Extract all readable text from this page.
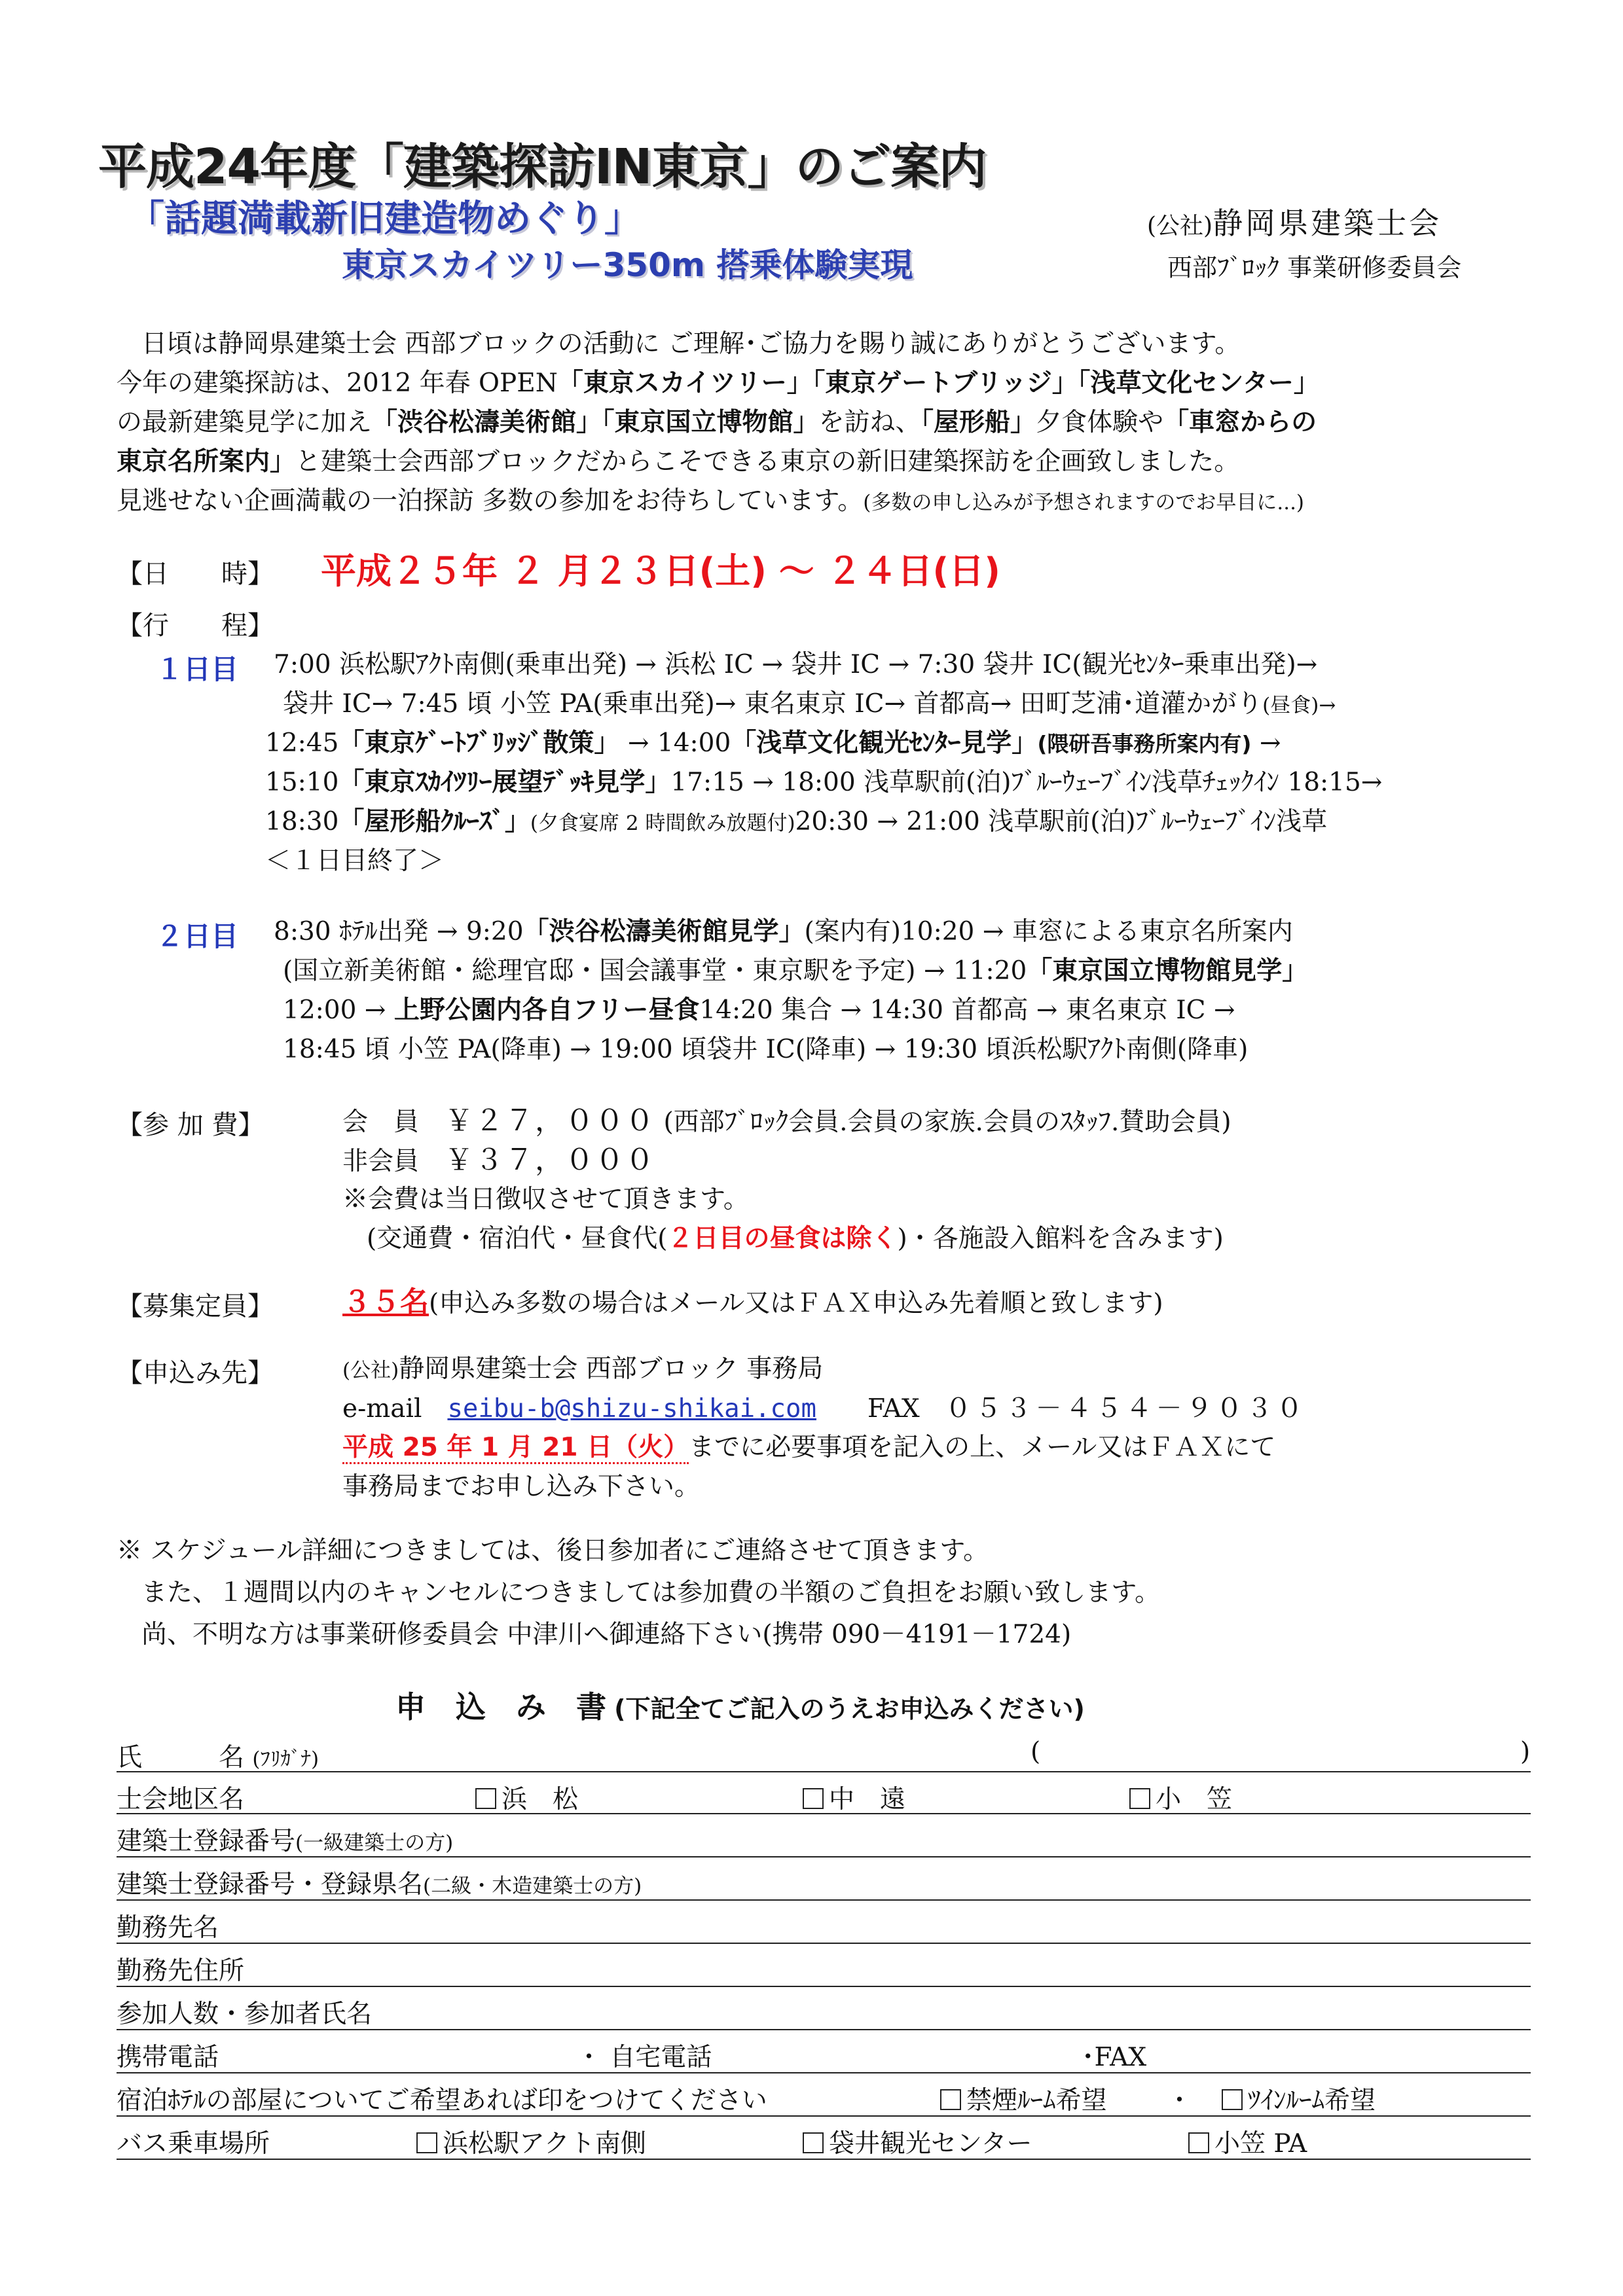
平成24年度「建築探訪IN東京」のご案内
「話題満載新旧建造物めぐり」
東京スカイツリー350m 搭乗体験実現
(公社)静岡県建築士会
西部ﾌﾞﾛｯｸ 事業研修委員会
日頃は静岡県建築士会 西部ブロックの活動に ご理解･ご協力を賜り誠にありがとうございます。
今年の建築探訪は、2012 年春 OPEN「東京スカイツリー」「東京ゲートブリッジ」「浅草文化センター」
の最新建築見学に加え「渋谷松濤美術館」「東京国立博物館」を訪ね、「屋形船」夕食体験や「車窓からの
東京名所案内」と建築士会西部ブロックだからこそできる東京の新旧建築探訪を企画致しました。
見逃せない企画満載の一泊探訪 多数の参加をお待ちしています。(多数の申し込みが予想されますのでお早目に...)
【日　　時】 平成２５年 ２ 月２３日(土) ～ ２４日(日)
【行　　程】
１日目 7:00 浜松駅ｱｸﾄ南側(乗車出発) → 浜松 IC → 袋井 IC → 7:30 袋井 IC(観光ｾﾝﾀｰ乗車出発)→
袋井 IC→ 7:45 頃 小笠 PA(乗車出発)→ 東名東京 IC→ 首都高→ 田町芝浦･道灌かがり(昼食)→
12:45「東京ｹﾞｰﾄﾌﾞﾘｯｼﾞ散策」 → 14:00「浅草文化観光ｾﾝﾀｰ見学」(隈研吾事務所案内有) →
15:10「東京ｽｶｲﾂﾘｰ展望ﾃﾞｯｷ見学」17:15 → 18:00 浅草駅前(泊)ﾌﾞﾙｰｳｪｰﾌﾞｲﾝ浅草ﾁｪｯｸｲﾝ 18:15→
18:30「屋形船ｸﾙｰｽﾞ」(夕食宴席 2 時間飲み放題付)20:30 → 21:00 浅草駅前(泊)ﾌﾞﾙｰｳｪｰﾌﾞｲﾝ浅草
＜１日目終了＞
２日目 8:30 ﾎﾃﾙ出発 → 9:20「渋谷松濤美術館見学」(案内有)10:20 → 車窓による東京名所案内
(国立新美術館・総理官邸・国会議事堂・東京駅を予定) → 11:20「東京国立博物館見学」
12:00 → 上野公園内各自フリー昼食14:20 集合 → 14:30 首都高 → 東名東京 IC →
18:45 頃 小笠 PA(降車) → 19:00 頃袋井 IC(降車) → 19:30 頃浜松駅ｱｸﾄ南側(降車)
【参 加 費】	会　員　 ￥２７，０００ (西部ﾌﾞﾛｯｸ会員.会員の家族.会員のｽﾀｯﾌ.賛助会員)
非会員　 ￥３７，０００
※会費は当日徴収させて頂きます。
(交通費・宿泊代・昼食代(２日目の昼食は除く)・各施設入館料を含みます)
【募集定員】 ３５名(申込み多数の場合はメール又はＦＡＸ申込み先着順と致します)
【申込み先】	(公社)静岡県建築士会 西部ブロック 事務局
e-mail　 seibu-b@shizu-shikai.com　　 FAX　 ０５３－４５４－９０３０
平成 25 年 1 月 21 日（火）までに必要事項を記入の上、メール又はＦＡＸにて
事務局までお申し込み下さい。
※ スケジュール詳細につきましては、後日参加者にご連絡させて頂きます。
また、１週間以内のキャンセルにつきましては参加費の半額のご負担をお願い致します。
尚、不明な方は事業研修委員会 中津川へ御連絡下さい(携帯 090－4191－1724)
申　込　み　書 (下記全てご記入のうえお申込みください)
氏　　　名 (ﾌﾘｶﾞﾅ)	(	)
士会地区名	浜　松	中　遠	小　笠
建築士登録番号(一級建築士の方)
建築士登録番号・登録県名(二級・木造建築士の方)
勤務先名
勤務先住所
参加人数・参加者氏名
携帯電話	・ 自宅電話	･FAX
宿泊ﾎﾃﾙの部屋についてご希望あれば印をつけてください	禁煙ﾙｰﾑ希望 ・	ﾂｲﾝﾙｰﾑ希望
バス乗車場所	浜松駅アクト南側	袋井観光センター	小笠 PA
